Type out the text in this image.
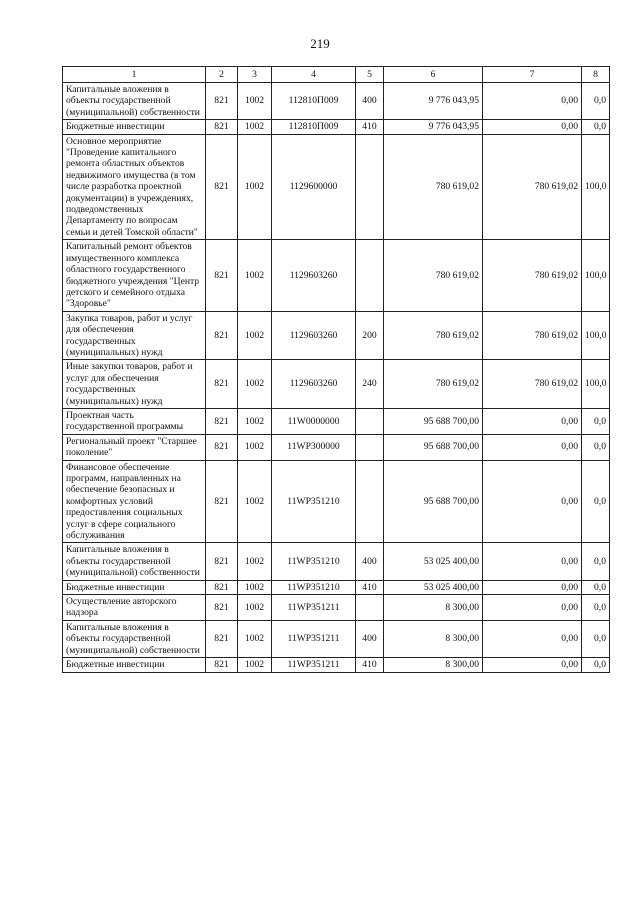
219
1	2	3	4	5	6	7	8
Капитальные вложения в объекты государственной (муниципальной) собственности	821	1002	112810П009	400	9 776 043,95	0,00	0,0
Бюджетные инвестиции	821	1002	112810П009	410	9 776 043,95	0,00	0,0
Основное мероприятие "Проведение капитального ремонта областных объектов недвижимого имущества (в том числе разработка проектной документации) в учреждениях, подведомственных Департаменту по вопросам семьи и детей Томской области"	821	1002	1129600000		780 619,02	780 619,02	100,0
Капитальный ремонт объектов имущественного комплекса областного государственного бюджетного учреждения "Центр детского и семейного отдыха "Здоровье"	821	1002	1129603260		780 619,02	780 619,02	100,0
Закупка товаров, работ и услуг для обеспечения государственных (муниципальных) нужд	821	1002	1129603260	200	780 619,02	780 619,02	100,0
Иные закупки товаров, работ и услуг для обеспечения государственных (муниципальных) нужд	821	1002	1129603260	240	780 619,02	780 619,02	100,0
Проектная часть государственной программы	821	1002	11W0000000		95 688 700,00	0,00	0,0
Региональный проект "Старшее поколение"	821	1002	11WP300000		95 688 700,00	0,00	0,0
Финансовое обеспечение программ, направленных на обеспечение безопасных и комфортных условий предоставления социальных услуг в сфере социального обслуживания	821	1002	11WP351210		95 688 700,00	0,00	0,0
Капитальные вложения в объекты государственной (муниципальной) собственности	821	1002	11WP351210	400	53 025 400,00	0,00	0,0
Бюджетные инвестиции	821	1002	11WP351210	410	53 025 400,00	0,00	0,0
Осуществление авторского надзора	821	1002	11WP351211		8 300,00	0,00	0,0
Капитальные вложения в объекты государственной (муниципальной) собственности	821	1002	11WP351211	400	8 300,00	0,00	0,0
Бюджетные инвестиции	821	1002	11WP351211	410	8 300,00	0,00	0,0
